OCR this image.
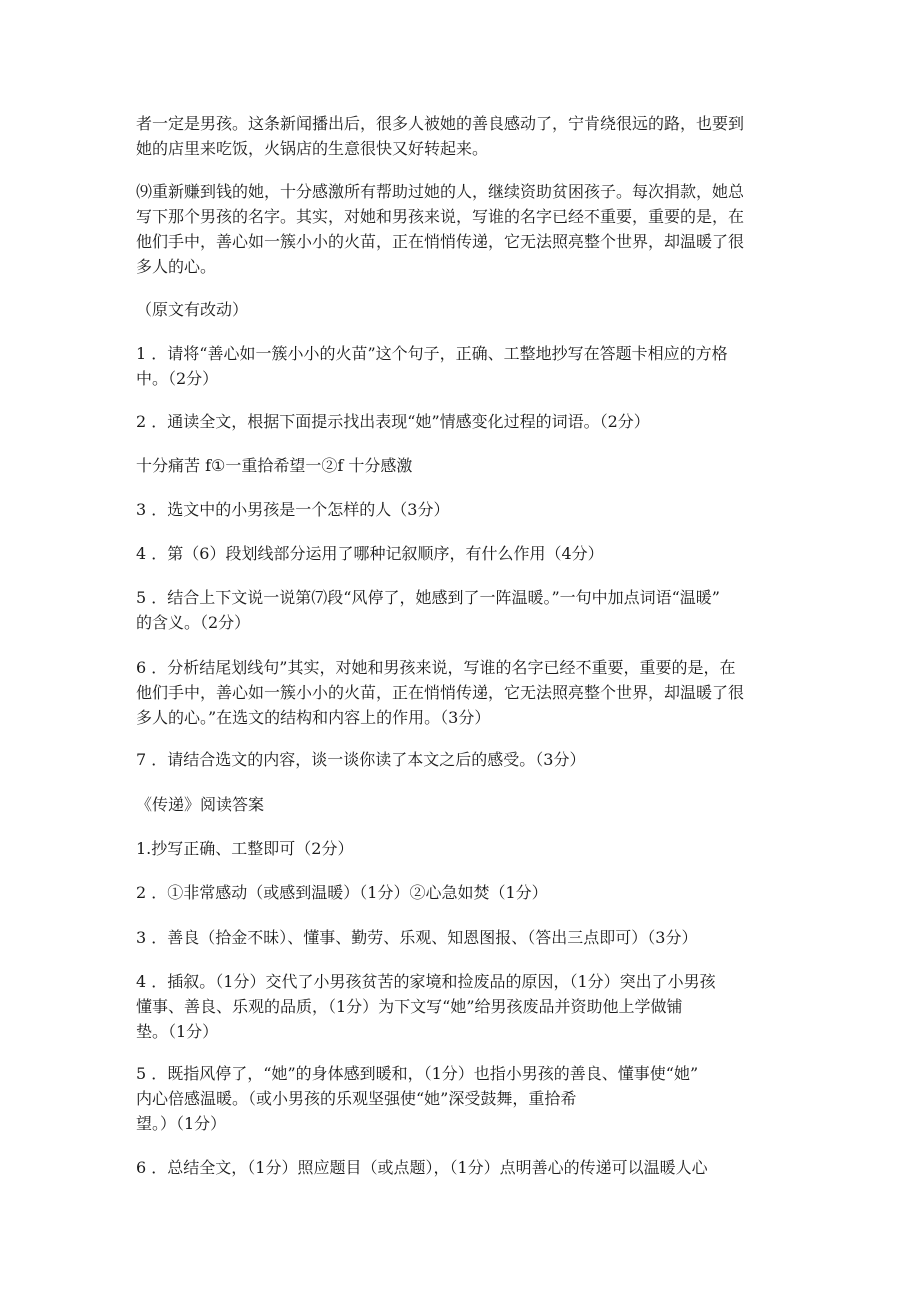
者一定是男孩。这条新闻播出后，很多人被她的善良感动了，宁肯绕很远的路，也要到
她的店里来吃饭，火锅店的生意很快又好转起来。
⑼重新赚到钱的她，十分感激所有帮助过她的人，继续资助贫困孩子。每次捐款，她总
写下那个男孩的名字。其实，对她和男孩来说，写谁的名字已经不重要，重要的是，在
他们手中，善心如一簇小小的火苗，正在悄悄传递，它无法照亮整个世界，却温暖了很
多人的心。
（原文有改动）
1 ．请将“善心如一簇小小的火苗”这个句子，正确、工整地抄写在答题卡相应的方格
中。（2分）
2 ．通读全文，根据下面提示找出表现“她”情感变化过程的词语。（2分）
十分痛苦 f①一重拾希望一②f 十分感激
3 ．选文中的小男孩是一个怎样的人（3分）
4 ．第（6）段划线部分运用了哪种记叙顺序，有什么作用（4分）
5 ．结合上下文说一说第⑺段“风停了，她感到了一阵温暖。”一句中加点词语“温暖”
的含义。（2分）
6 ．分析结尾划线句”其实，对她和男孩来说，写谁的名字已经不重要，重要的是，在
他们手中，善心如一簇小小的火苗，正在悄悄传递，它无法照亮整个世界，却温暖了很
多人的心。”在选文的结构和内容上的作用。（3分）
7 ．请结合选文的内容，谈一谈你读了本文之后的感受。（3分）
《传递》阅读答案
1.抄写正确、工整即可（2分）
2 ．①非常感动（或感到温暖）（1分）②心急如焚（1分）
3 ．善良（拾金不昧）、懂事、勤劳、乐观、知恩图报、（答出三点即可）（3分）
4 ．插叙。（1分）交代了小男孩贫苦的家境和捡废品的原因，（1分）突出了小男孩
懂事、善良、乐观的品质，（1分）为下文写“她”给男孩废品并资助他上学做铺
垫。（1分）
5 ．既指风停了，“她”的身体感到暖和，（1分）也指小男孩的善良、懂事使“她”
内心倍感温暖。（或小男孩的乐观坚强使“她”深受鼓舞，重拾希
望。）（1分）
6 ．总结全文，（1分）照应题目（或点题），（1分）点明善心的传递可以温暖人心
